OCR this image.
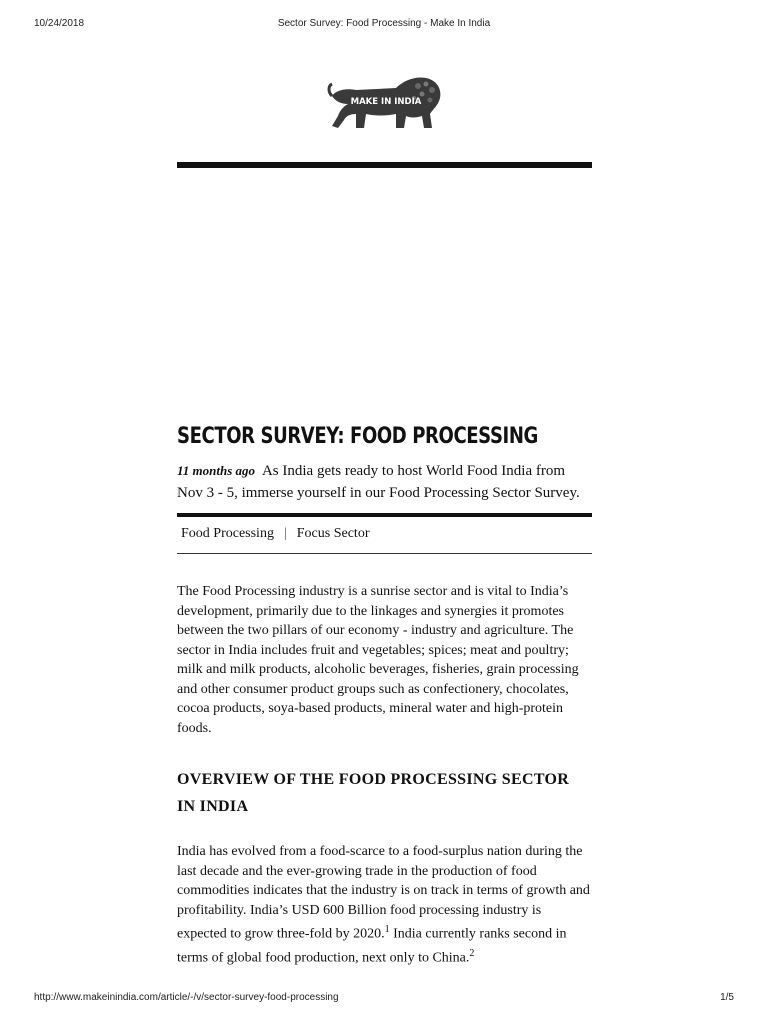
10/24/2018	Sector Survey: Food Processing - Make In India
MAKE IN INDIA
SECTOR SURVEY: FOOD PROCESSING
11 months ago As India gets ready to host World Food India from Nov 3 - 5, immerse yourself in our Food Processing Sector Survey.
Food Processing | Focus Sector

The Food Processing industry is a sunrise sector and is vital to India’s development, primarily due to the linkages and synergies it promotes between the two pillars of our economy - industry and agriculture. The sector in India includes fruit and vegetables; spices; meat and poultry; milk and milk products, alcoholic beverages, fisheries, grain processing and other consumer product groups such as confectionery, chocolates, cocoa products, soya-based products, mineral water and high-protein foods.

OVERVIEW OF THE FOOD PROCESSING SECTOR IN INDIA

India has evolved from a food-scarce to a food-surplus nation during the last decade and the ever-growing trade in the production of food commodities indicates that the industry is on track in terms of growth and profitability. India’s USD 600 Billion food processing industry is expected to grow three-fold by 2020.$^1$ India currently ranks second in terms of global food production, next only to China.$^2$

http://www.makeinindia.com/article/-/v/sector-survey-food-processing	1/5
